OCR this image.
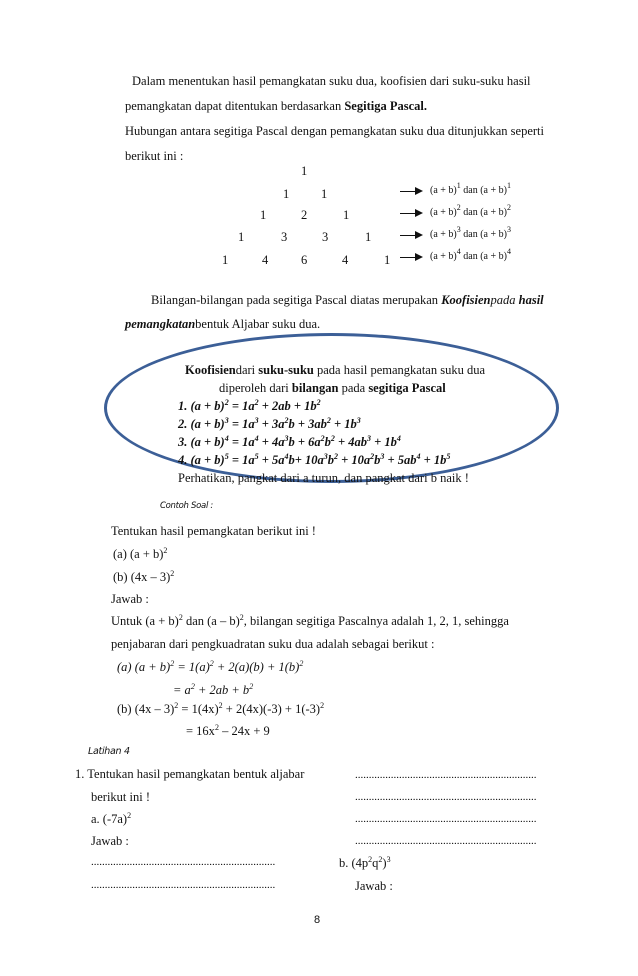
Dalam menentukan hasil pemangkatan suku dua, koofisien dari suku-suku hasil
pemangkatan dapat ditentukan berdasarkan Segitiga Pascal.
Hubungan antara segitiga Pascal dengan pemangkatan suku dua ditunjukkan seperti
berikut ini :
1
1	1
1	2	1
1	3	3	1
1	4	6	4	1
$(a + b)^1$ dan $(a + b)^1$
$(a + b)^2$ dan $(a + b)^2$
$(a + b)^3$ dan $(a + b)^3$
$(a + b)^4$ dan $(a + b)^4$
Bilangan-bilangan pada segitiga Pascal diatas merupakan Koofisienpada hasil
pemangkatanbentuk Aljabar suku dua.
Koofisiendari suku-suku pada hasil pemangkatan suku dua
diperoleh dari bilangan pada segitiga Pascal
1. $(a + b)^2 = 1a^2 + 2ab + 1b^2$
2. $(a + b)^3 = 1a^3 + 3a^2b + 3ab^2 + 1b^3$
3. $(a + b)^4 = 1a^4 + 4a^3b + 6a^2b^2 + 4ab^3 + 1b^4$
4. $(a + b)^5 = 1a^5 + 5a^4b+ 10a^3b^2 + 10a^2b^3 + 5ab^4 + 1b^5$
Perhatikan, pangkat dari a turun, dan pangkat dari b naik !
Contoh Soal :
Tentukan hasil pemangkatan berikut ini !
(a) $(a + b)^2$
(b) (4x – 3)$^2$
Jawab :
Untuk $(a + b)^2$ dan (a – b)$^2$, bilangan segitiga Pascalnya adalah 1, 2, 1, sehingga
penjabaran dari pengkuadratan suku dua adalah sebagai berikut :
(a) $(a + b)^2 = 1(a)^2 + 2(a)(b) + 1(b)^2$
= $a^2 + 2ab + b^2$
(b) $(4x - 3)^2 = 1(4x)^2 + 2(4x)(-3) + 1(-3)^2$
= $16x^2 - 24x + 9$
Latihan 4
1. Tentukan hasil pemangkatan bentuk aljabar
berikut ini !
a. $(-7a)^2$
Jawab :
...................................................................
...................................................................
..................................................................
..................................................................
..................................................................
..................................................................
b. $(4p^2q^2)^3$
Jawab :
8
